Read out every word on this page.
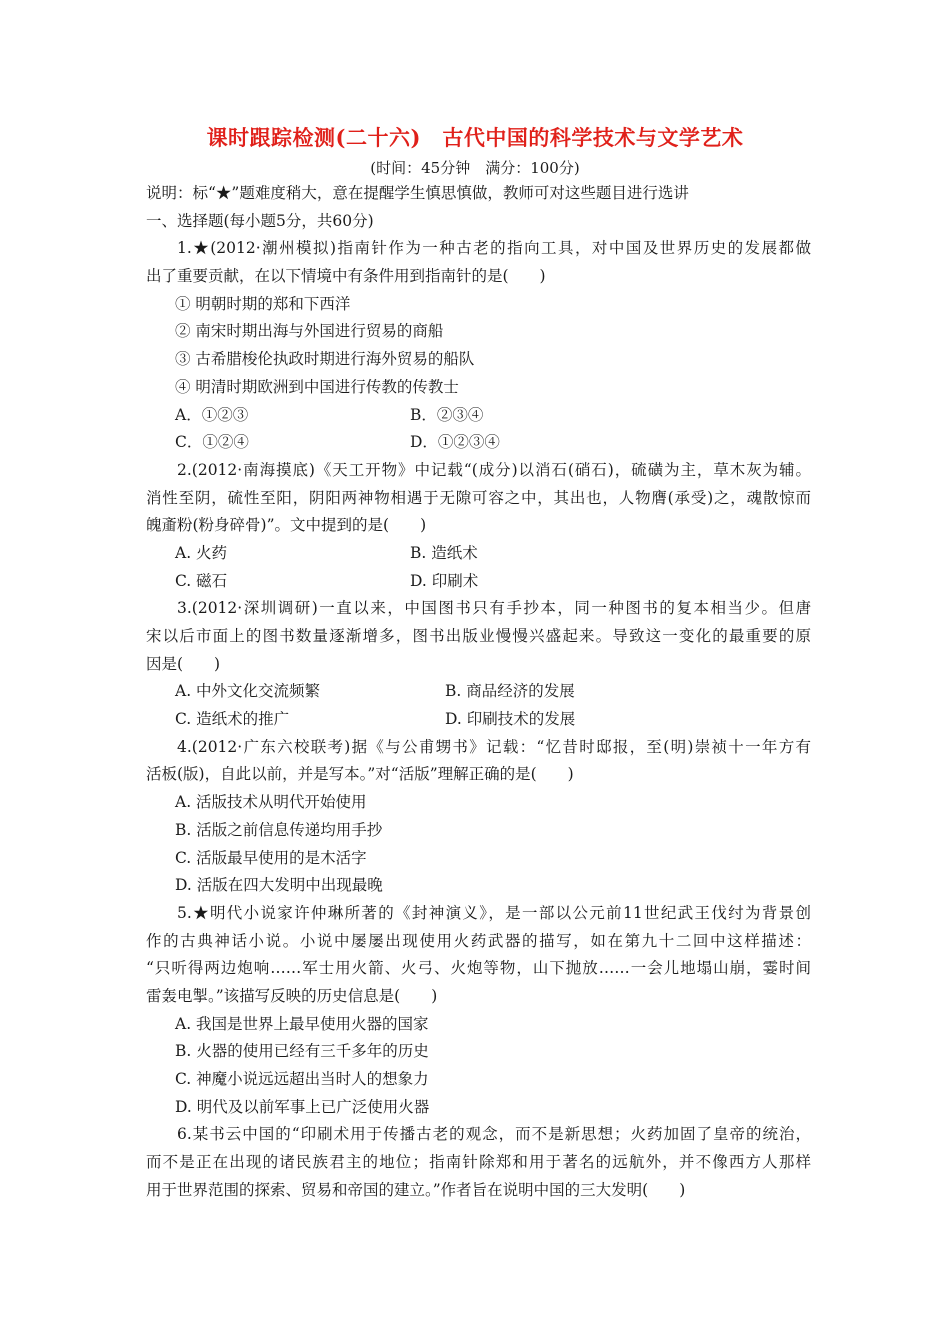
课时跟踪检测(二十六)　古代中国的科学技术与文学艺术
(时间：45分钟　满分：100分)
说明：标“★”题难度稍大，意在提醒学生慎思慎做，教师可对这些题目进行选讲
一、选择题(每小题5分，共60分)
1.★(2012·潮州模拟)指南针作为一种古老的指向工具，对中国及世界历史的发展都做
出了重要贡献，在以下情境中有条件用到指南针的是(　　)
① 明朝时期的郑和下西洋
② 南宋时期出海与外国进行贸易的商船
③ 古希腊梭伦执政时期进行海外贸易的船队
④ 明清时期欧洲到中国进行传教的传教士
A．①②③	B．②③④
C．①②④	D．①②③④
2.(2012·南海摸底)《天工开物》中记载“(成分)以消石(硝石)，硫磺为主，草木灰为辅。
消性至阴，硫性至阳，阴阳两神物相遇于无隙可容之中，其出也，人物膺(承受)之，魂散惊而
魄齑粉(粉身碎骨)”。文中提到的是(　　)
A. 火药	B. 造纸术
C. 磁石	D. 印刷术
3.(2012·深圳调研)一直以来，中国图书只有手抄本，同一种图书的复本相当少。但唐
宋以后市面上的图书数量逐渐增多，图书出版业慢慢兴盛起来。导致这一变化的最重要的原
因是(　　)
A. 中外文化交流频繁	B. 商品经济的发展
C. 造纸术的推广	D. 印刷技术的发展
4.(2012·广东六校联考)据《与公甫甥书》记载：“忆昔时邸报，至(明)崇祯十一年方有
活板(版)，自此以前，并是写本。”对“活版”理解正确的是(　　)
A. 活版技术从明代开始使用
B. 活版之前信息传递均用手抄
C. 活版最早使用的是木活字
D. 活版在四大发明中出现最晚
5.★明代小说家许仲琳所著的《封神演义》，是一部以公元前11世纪武王伐纣为背景创
作的古典神话小说。小说中屡屡出现使用火药武器的描写，如在第九十二回中这样描述：
“只听得两边炮响……军士用火箭、火弓、火炮等物，山下抛放……一会儿地塌山崩，霎时间
雷轰电掣。”该描写反映的历史信息是(　　)
A. 我国是世界上最早使用火器的国家
B. 火器的使用已经有三千多年的历史
C. 神魔小说远远超出当时人的想象力
D. 明代及以前军事上已广泛使用火器
6.某书云中国的“印刷术用于传播古老的观念，而不是新思想；火药加固了皇帝的统治，
而不是正在出现的诸民族君主的地位；指南针除郑和用于著名的远航外，并不像西方人那样
用于世界范围的探索、贸易和帝国的建立。”作者旨在说明中国的三大发明(　　)
